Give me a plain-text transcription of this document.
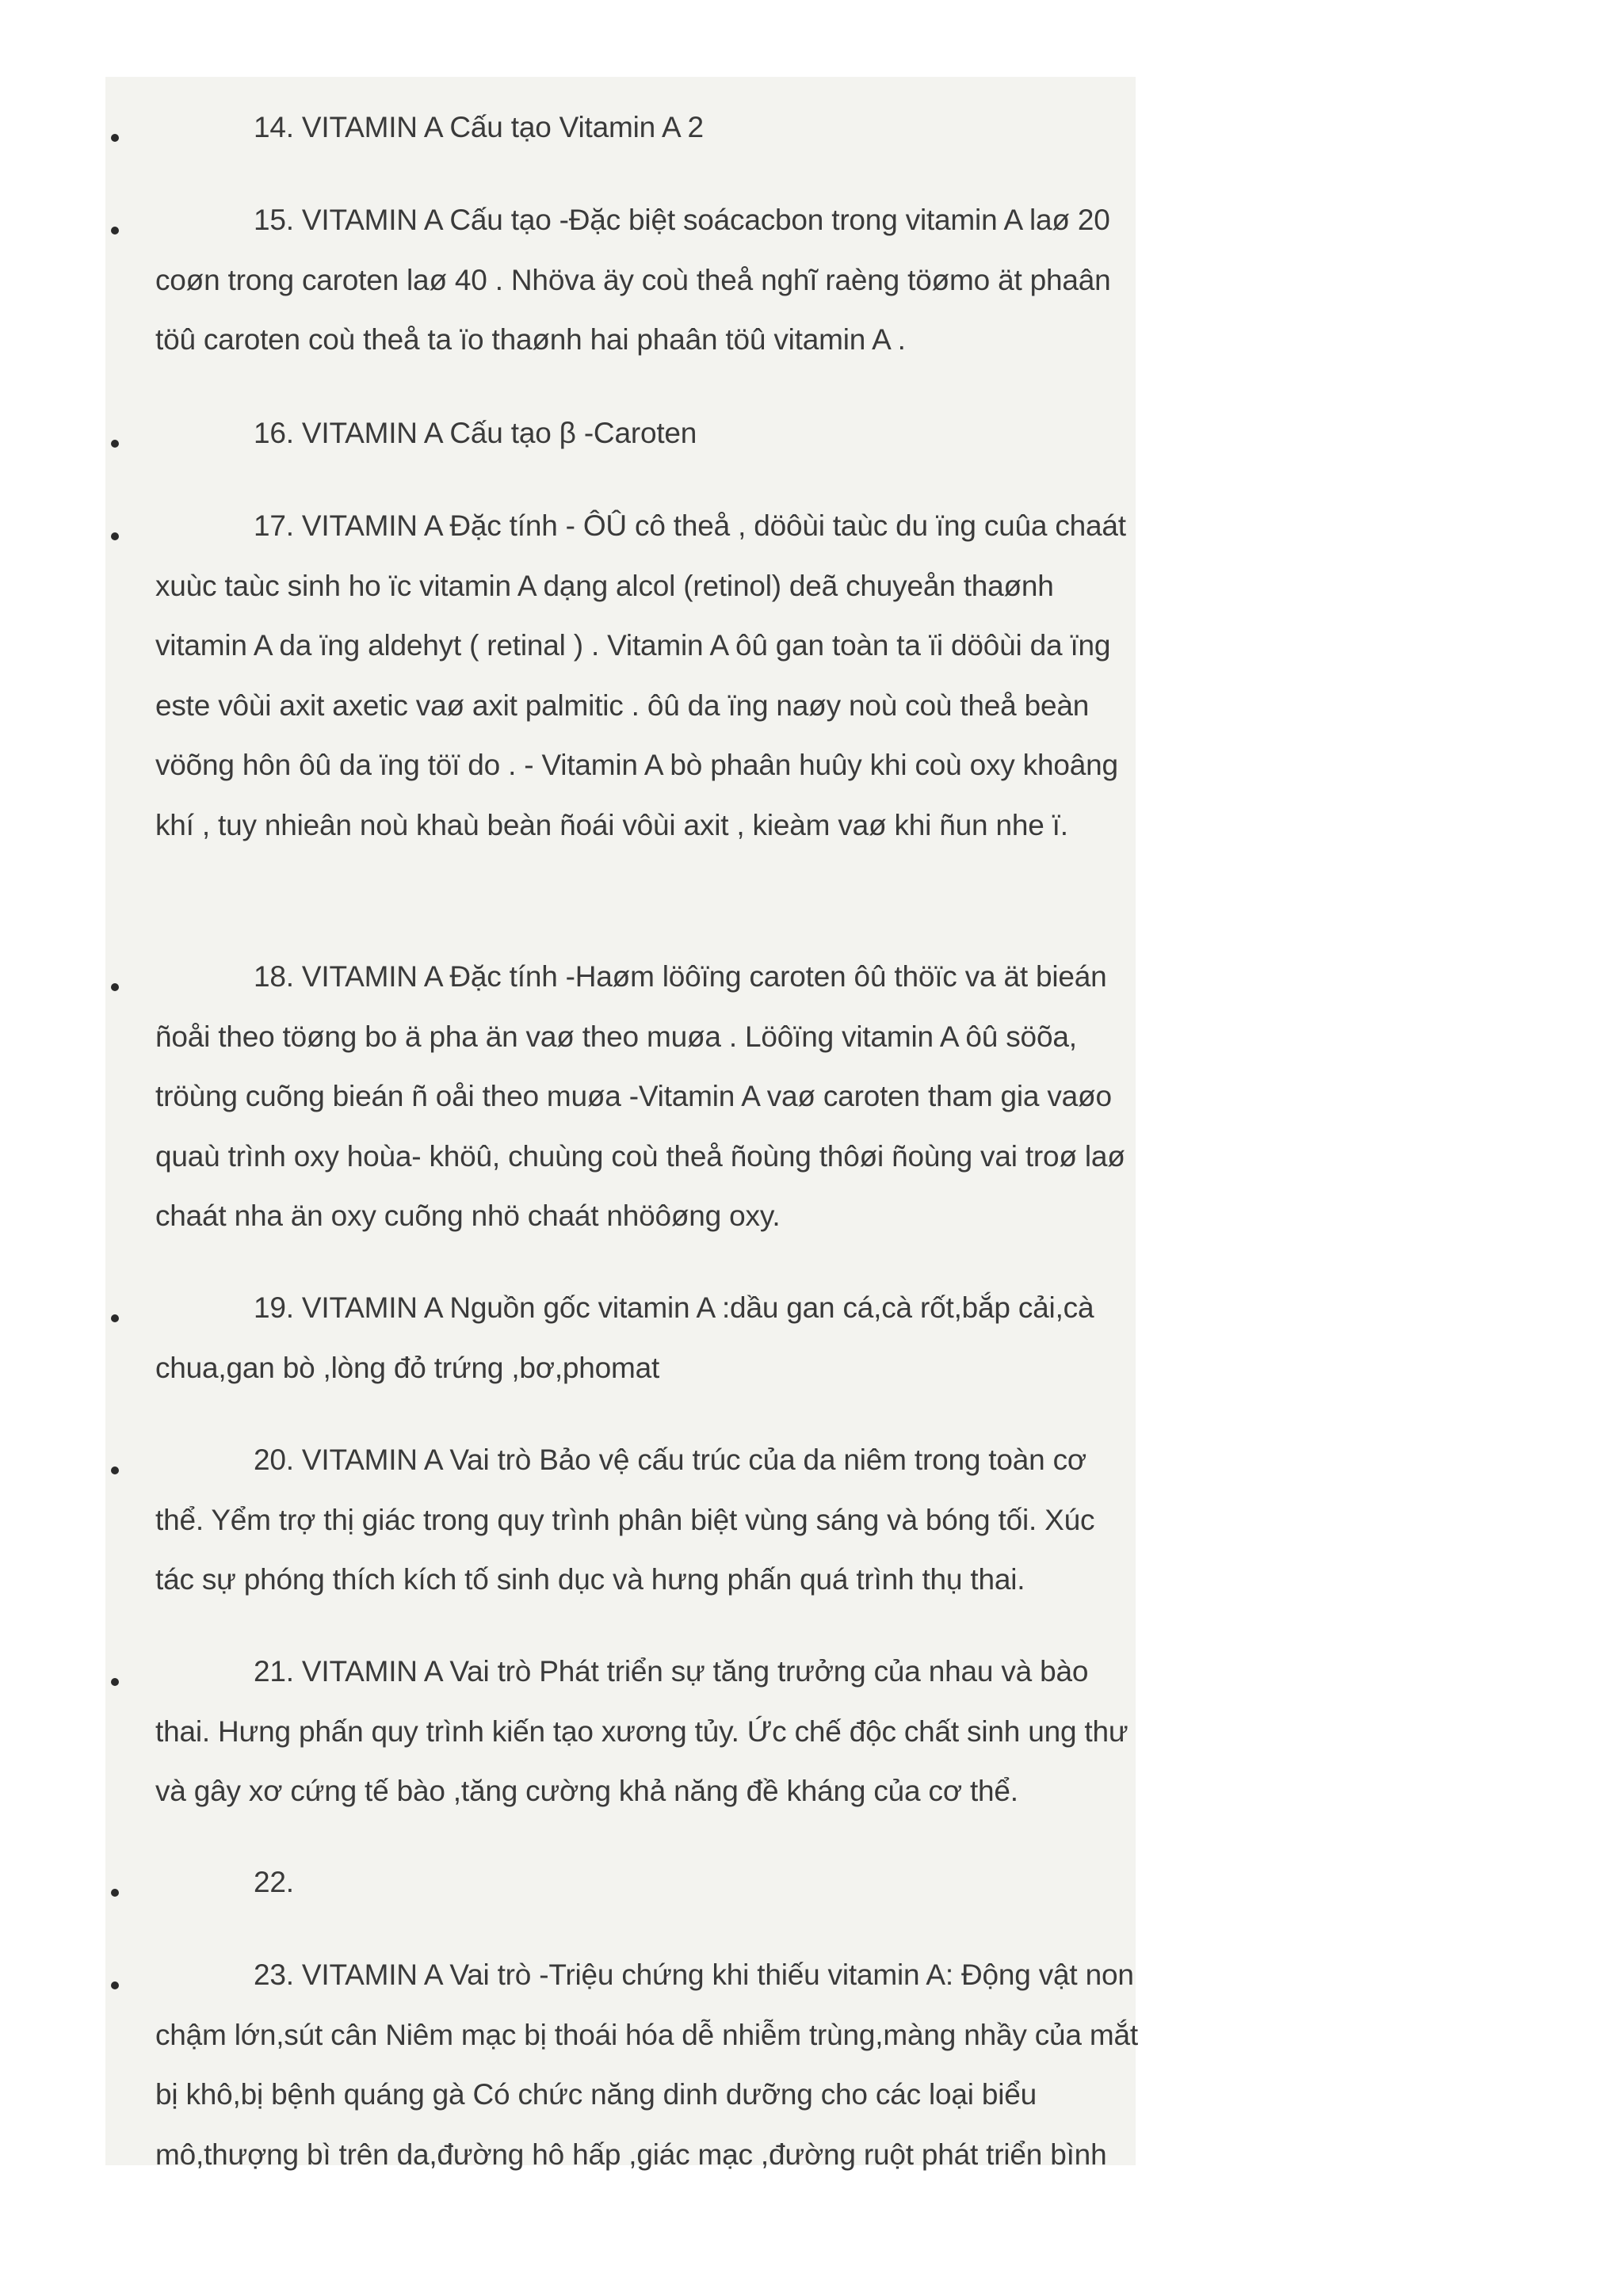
14. VITAMIN A Cấu tạo Vitamin A 2

15. VITAMIN A Cấu tạo -Đặc biệt soácacbon trong vitamin A laø 20 coøn trong caroten laø 40 . Nhöva äy coù theå nghĩ raèng töømo ät phaân töû caroten coù theå ta ïo thaønh hai phaân töû vitamin A .

16. VITAMIN A Cấu tạo β -Caroten

17. VITAMIN A Đặc tính - ÔÛ cô theå , döôùi taùc du ïng cuûa chaát xuùc taùc sinh ho ïc vitamin A dạng alcol (retinol) deã chuyeån thaønh vitamin A da ïng aldehyt ( retinal ) . Vitamin A ôû gan toàn ta ïi döôùi da ïng este vôùi axit axetic vaø axit palmitic . ôû da ïng naøy noù coù theå beàn vöõng hôn ôû da ïng töï do . - Vitamin A bò phaân huûy khi coù oxy khoâng khí , tuy nhieân noù khaù beàn ñoái vôùi axit , kieàm vaø khi ñun nhe ï.

18. VITAMIN A Đặc tính -Haøm löôïng caroten ôû thöïc va ät bieán ñoåi theo töøng bo ä pha än vaø theo muøa . Löôïng vitamin A ôû söõa, tröùng cuõng bieán ñ oåi theo muøa -Vitamin A vaø caroten tham gia vaøo quaù trình oxy hoùa- khöû, chuùng coù theå ñoùng thôøi ñoùng vai troø laø chaát nha än oxy cuõng nhö chaát nhöôøng oxy.

19. VITAMIN A Nguồn gốc vitamin A :dầu gan cá,cà rốt,bắp cải,cà chua,gan bò ,lòng đỏ trứng ,bơ,phomat

20. VITAMIN A Vai trò Bảo vệ cấu trúc của da niêm trong toàn cơ thể. Yểm trợ thị giác trong quy trình phân biệt vùng sáng và bóng tối. Xúc tác sự phóng thích kích tố sinh dục và hưng phấn quá trình thụ thai.

21. VITAMIN A Vai trò Phát triển sự tăng trưởng của nhau và bào thai. Hưng phấn quy trình kiến tạo xương tủy. Ức chế độc chất sinh ung thư và gây xơ cứng tế bào ,tăng cường khả năng đề kháng của cơ thể.

22.

23. VITAMIN A Vai trò -Triệu chứng khi thiếu vitamin A: Động vật non chậm lớn,sút cân Niêm mạc bị thoái hóa dễ nhiễm trùng,màng nhầy của mắt bị khô,bị bệnh quáng gà Có chức năng dinh dưỡng cho các loại biểu mô,thượng bì trên da,đường hô hấp ,giác mạc ,đường ruột phát triển bình
